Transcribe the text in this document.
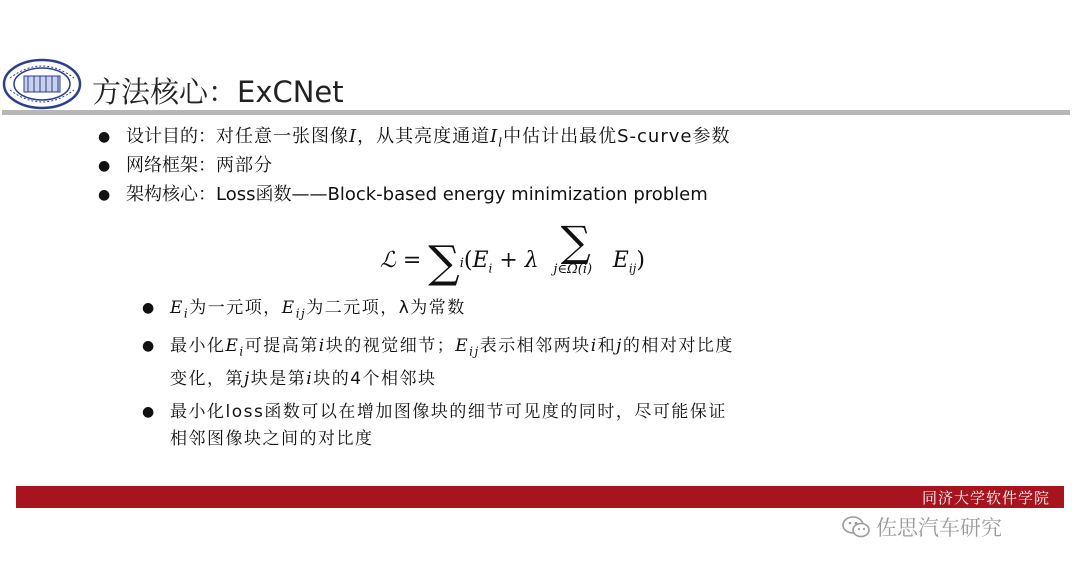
方法核心：ExCNet
● 设计目的：对任意一张图像I，从其亮度通道$I_l$中估计出最优S-curve参数
● 网络框架：两部分
● 架构核心：Loss函数——Block-based energy minimization problem
ℒ = $\sum i(E_i + \lambda$ ∑
j∈Ω(i) $E_{ij}$)
● $E_i$为一元项，$E_{ij}$为二元项，λ为常数
● 最小化$E_i$可提高第i块的视觉细节；$E_{ij}$表示相邻两块i和j的相对对比度
变化，第j块是第i块的4个相邻块
● 最小化loss函数可以在增加图像块的细节可见度的同时，尽可能保证
相邻图像块之间的对比度
同济大学软件学院
佐思汽车研究
